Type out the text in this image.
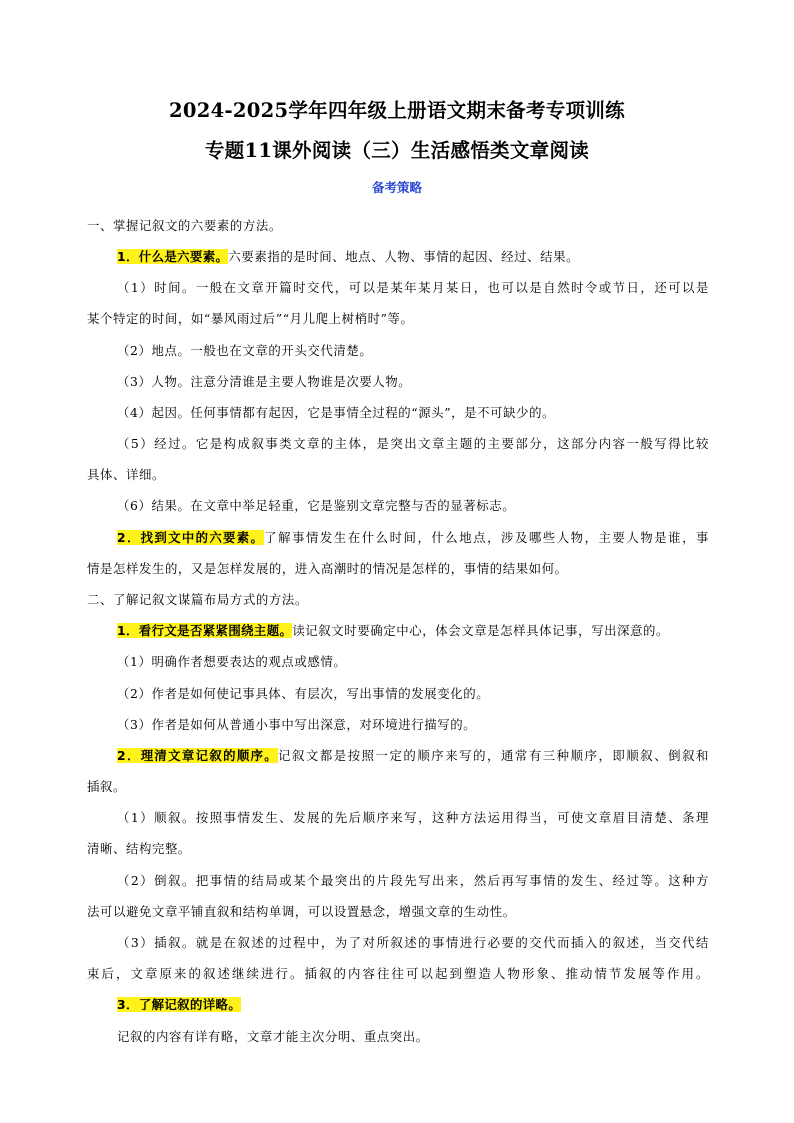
2024-2025学年四年级上册语文期末备考专项训练
专题11课外阅读（三）生活感悟类文章阅读
备考策略
一、掌握记叙文的六要素的方法。
1．什么是六要素。六要素指的是时间、地点、人物、事情的起因、经过、结果。
（1）时间。一般在文章开篇时交代，可以是某年某月某日，也可以是自然时令或节日，还可以是
某个特定的时间，如“暴风雨过后”“月儿爬上树梢时”等。
（2）地点。一般也在文章的开头交代清楚。
（3）人物。注意分清谁是主要人物谁是次要人物。
（4）起因。任何事情都有起因，它是事情全过程的“源头”，是不可缺少的。
（5）经过。它是构成叙事类文章的主体，是突出文章主题的主要部分，这部分内容一般写得比较
具体、详细。
（6）结果。在文章中举足轻重，它是鉴别文章完整与否的显著标志。
2．找到文中的六要素。了解事情发生在什么时间，什么地点，涉及哪些人物，主要人物是谁，事
情是怎样发生的，又是怎样发展的，进入高潮时的情况是怎样的，事情的结果如何。
二、了解记叙文谋篇布局方式的方法。
1．看行文是否紧紧围绕主题。读记叙文时要确定中心，体会文章是怎样具体记事，写出深意的。
（1）明确作者想要表达的观点或感情。
（2）作者是如何使记事具体、有层次，写出事情的发展变化的。
（3）作者是如何从普通小事中写出深意，对环境进行描写的。
2．理清文章记叙的顺序。记叙文都是按照一定的顺序来写的，通常有三种顺序，即顺叙、倒叙和
插叙。
（1）顺叙。按照事情发生、发展的先后顺序来写，这种方法运用得当，可使文章眉目清楚、条理
清晰、结构完整。
（2）倒叙。把事情的结局或某个最突出的片段先写出来，然后再写事情的发生、经过等。这种方
法可以避免文章平铺直叙和结构单调，可以设置悬念，增强文章的生动性。
（3）插叙。就是在叙述的过程中，为了对所叙述的事情进行必要的交代而插入的叙述，当交代结
束后，文章原来的叙述继续进行。插叙的内容往往可以起到塑造人物形象、推动情节发展等作用。
3．了解记叙的详略。
记叙的内容有详有略，文章才能主次分明、重点突出。
